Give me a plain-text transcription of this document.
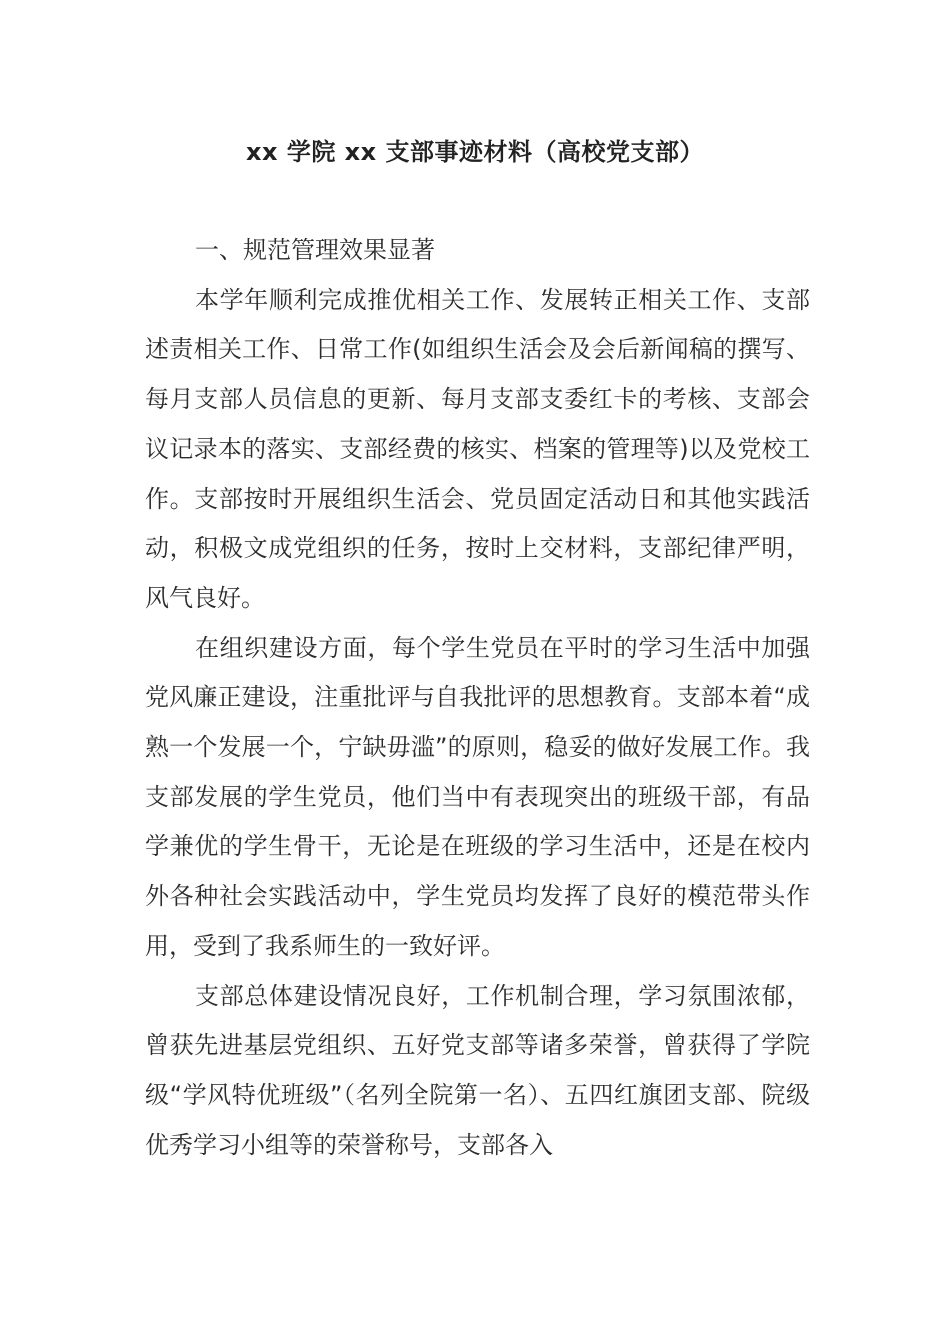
xx 学院 xx 支部事迹材料（高校党支部）

一、规范管理效果显著

本学年顺利完成推优相关工作、发展转正相关工作、支部述责相关工作、日常工作(如组织生活会及会后新闻稿的撰写、每月支部人员信息的更新、每月支部支委红卡的考核、支部会议记录本的落实、支部经费的核实、档案的管理等)以及党校工作。支部按时开展组织生活会、党员固定活动日和其他实践活动，积极文成党组织的任务，按时上交材料，支部纪律严明，风气良好。

在组织建设方面，每个学生党员在平时的学习生活中加强党风廉正建设，注重批评与自我批评的思想教育。支部本着“成熟一个发展一个，宁缺毋滥”的原则，稳妥的做好发展工作。我支部发展的学生党员，他们当中有表现突出的班级干部，有品学兼优的学生骨干，无论是在班级的学习生活中，还是在校内外各种社会实践活动中，学生党员均发挥了良好的模范带头作用，受到了我系师生的一致好评。

支部总体建设情况良好，工作机制合理，学习氛围浓郁，曾获先进基层党组织、五好党支部等诸多荣誉，曾获得了学院级“学风特优班级”（名列全院第一名）、五四红旗团支部、院级优秀学习小组等的荣誉称号，支部各入
